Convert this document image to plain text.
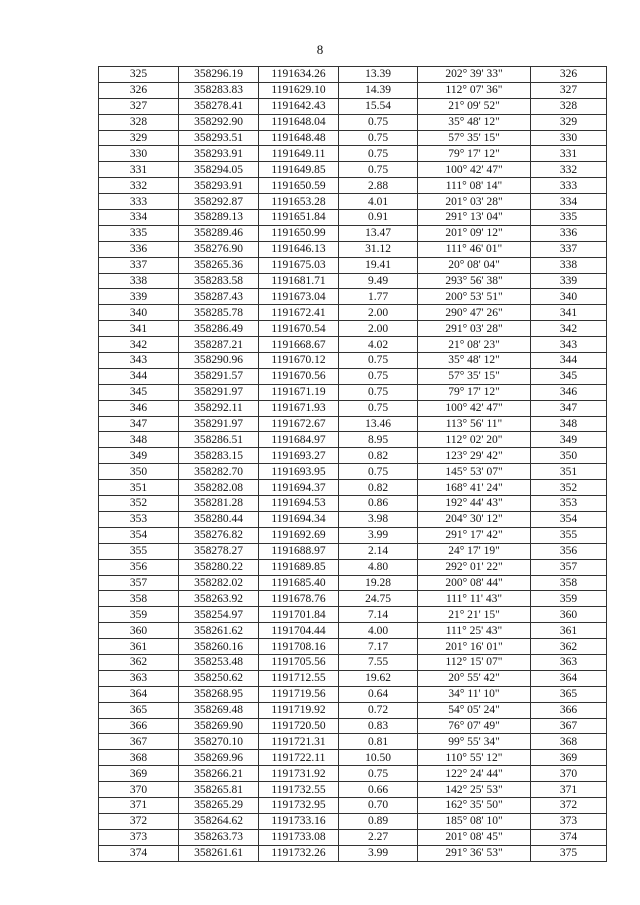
8
325	358296.19	1191634.26	13.39	202° 39' 33"	326
326	358283.83	1191629.10	14.39	112° 07' 36"	327
327	358278.41	1191642.43	15.54	21° 09' 52"	328
328	358292.90	1191648.04	0.75	35° 48' 12"	329
329	358293.51	1191648.48	0.75	57° 35' 15"	330
330	358293.91	1191649.11	0.75	79° 17' 12"	331
331	358294.05	1191649.85	0.75	100° 42' 47"	332
332	358293.91	1191650.59	2.88	111° 08' 14"	333
333	358292.87	1191653.28	4.01	201° 03' 28"	334
334	358289.13	1191651.84	0.91	291° 13' 04"	335
335	358289.46	1191650.99	13.47	201° 09' 12"	336
336	358276.90	1191646.13	31.12	111° 46' 01"	337
337	358265.36	1191675.03	19.41	20° 08' 04"	338
338	358283.58	1191681.71	9.49	293° 56' 38"	339
339	358287.43	1191673.04	1.77	200° 53' 51"	340
340	358285.78	1191672.41	2.00	290° 47' 26"	341
341	358286.49	1191670.54	2.00	291° 03' 28"	342
342	358287.21	1191668.67	4.02	21° 08' 23"	343
343	358290.96	1191670.12	0.75	35° 48' 12"	344
344	358291.57	1191670.56	0.75	57° 35' 15"	345
345	358291.97	1191671.19	0.75	79° 17' 12"	346
346	358292.11	1191671.93	0.75	100° 42' 47"	347
347	358291.97	1191672.67	13.46	113° 56' 11"	348
348	358286.51	1191684.97	8.95	112° 02' 20"	349
349	358283.15	1191693.27	0.82	123° 29' 42"	350
350	358282.70	1191693.95	0.75	145° 53' 07"	351
351	358282.08	1191694.37	0.82	168° 41' 24"	352
352	358281.28	1191694.53	0.86	192° 44' 43"	353
353	358280.44	1191694.34	3.98	204° 30' 12"	354
354	358276.82	1191692.69	3.99	291° 17' 42"	355
355	358278.27	1191688.97	2.14	24° 17' 19"	356
356	358280.22	1191689.85	4.80	292° 01' 22"	357
357	358282.02	1191685.40	19.28	200° 08' 44"	358
358	358263.92	1191678.76	24.75	111° 11' 43"	359
359	358254.97	1191701.84	7.14	21° 21' 15"	360
360	358261.62	1191704.44	4.00	111° 25' 43"	361
361	358260.16	1191708.16	7.17	201° 16' 01"	362
362	358253.48	1191705.56	7.55	112° 15' 07"	363
363	358250.62	1191712.55	19.62	20° 55' 42"	364
364	358268.95	1191719.56	0.64	34° 11' 10"	365
365	358269.48	1191719.92	0.72	54° 05' 24"	366
366	358269.90	1191720.50	0.83	76° 07' 49"	367
367	358270.10	1191721.31	0.81	99° 55' 34"	368
368	358269.96	1191722.11	10.50	110° 55' 12"	369
369	358266.21	1191731.92	0.75	122° 24' 44"	370
370	358265.81	1191732.55	0.66	142° 25' 53"	371
371	358265.29	1191732.95	0.70	162° 35' 50"	372
372	358264.62	1191733.16	0.89	185° 08' 10"	373
373	358263.73	1191733.08	2.27	201° 08' 45"	374
374	358261.61	1191732.26	3.99	291° 36' 53"	375
